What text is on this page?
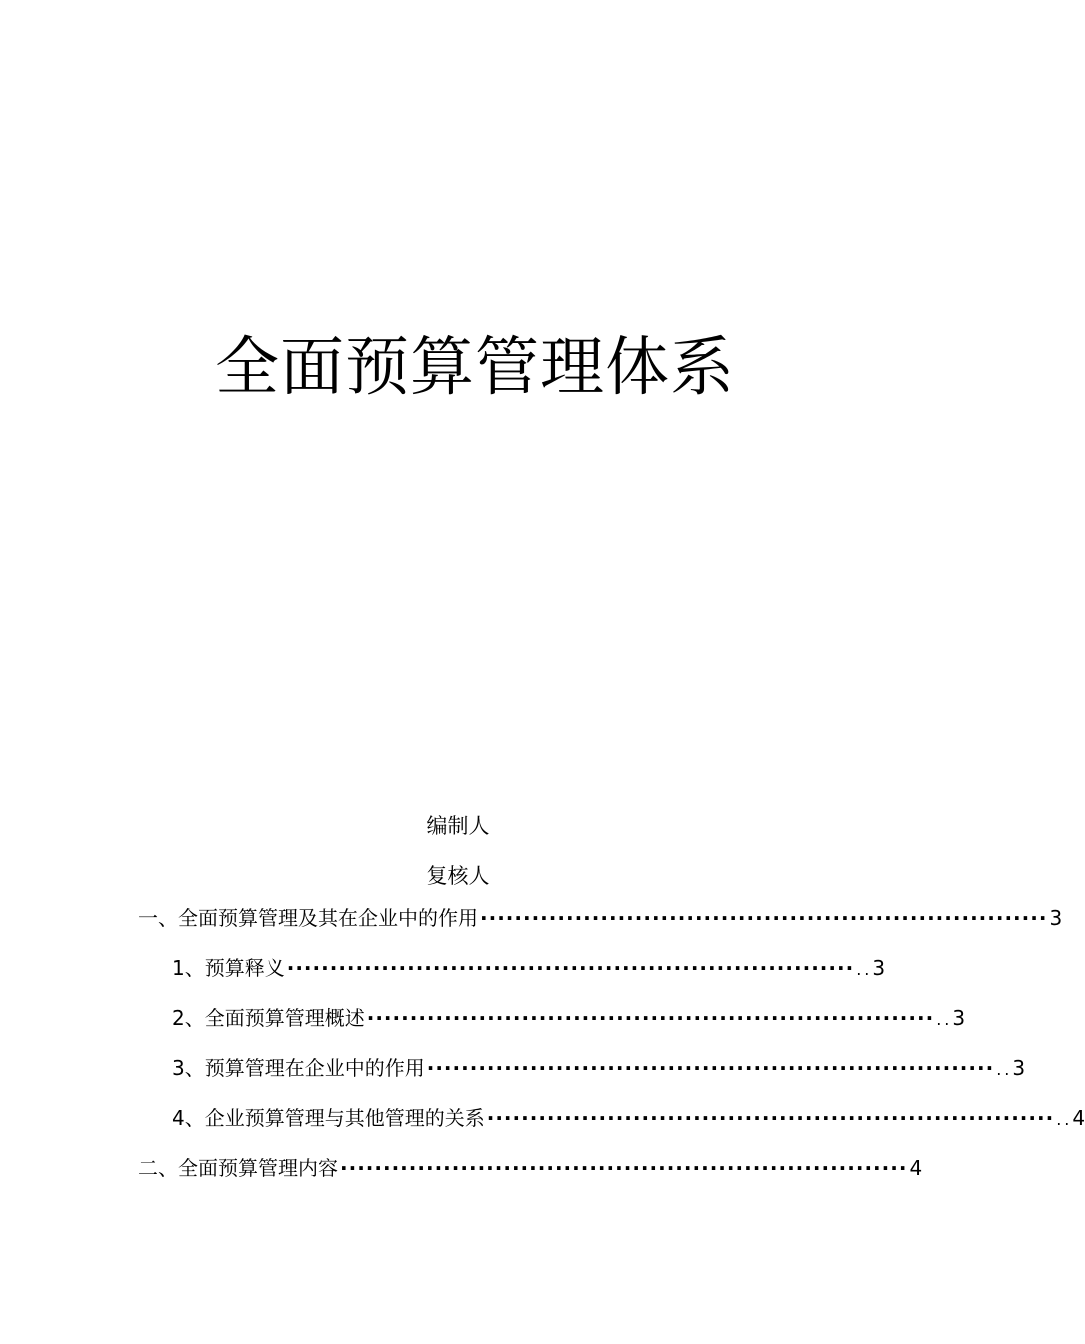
全面预算管理体系
编制人
复核人
一、全面预算管理及其在企业中的作用 ·································································· 3
1、预算释义 ·································································· .. 3
2、全面预算管理概述 ·································································· .. 3
3、预算管理在企业中的作用 ·································································· .. 3
4、企业预算管理与其他管理的关系 ·································································· .. 4
二、全面预算管理内容 ·································································· 4
